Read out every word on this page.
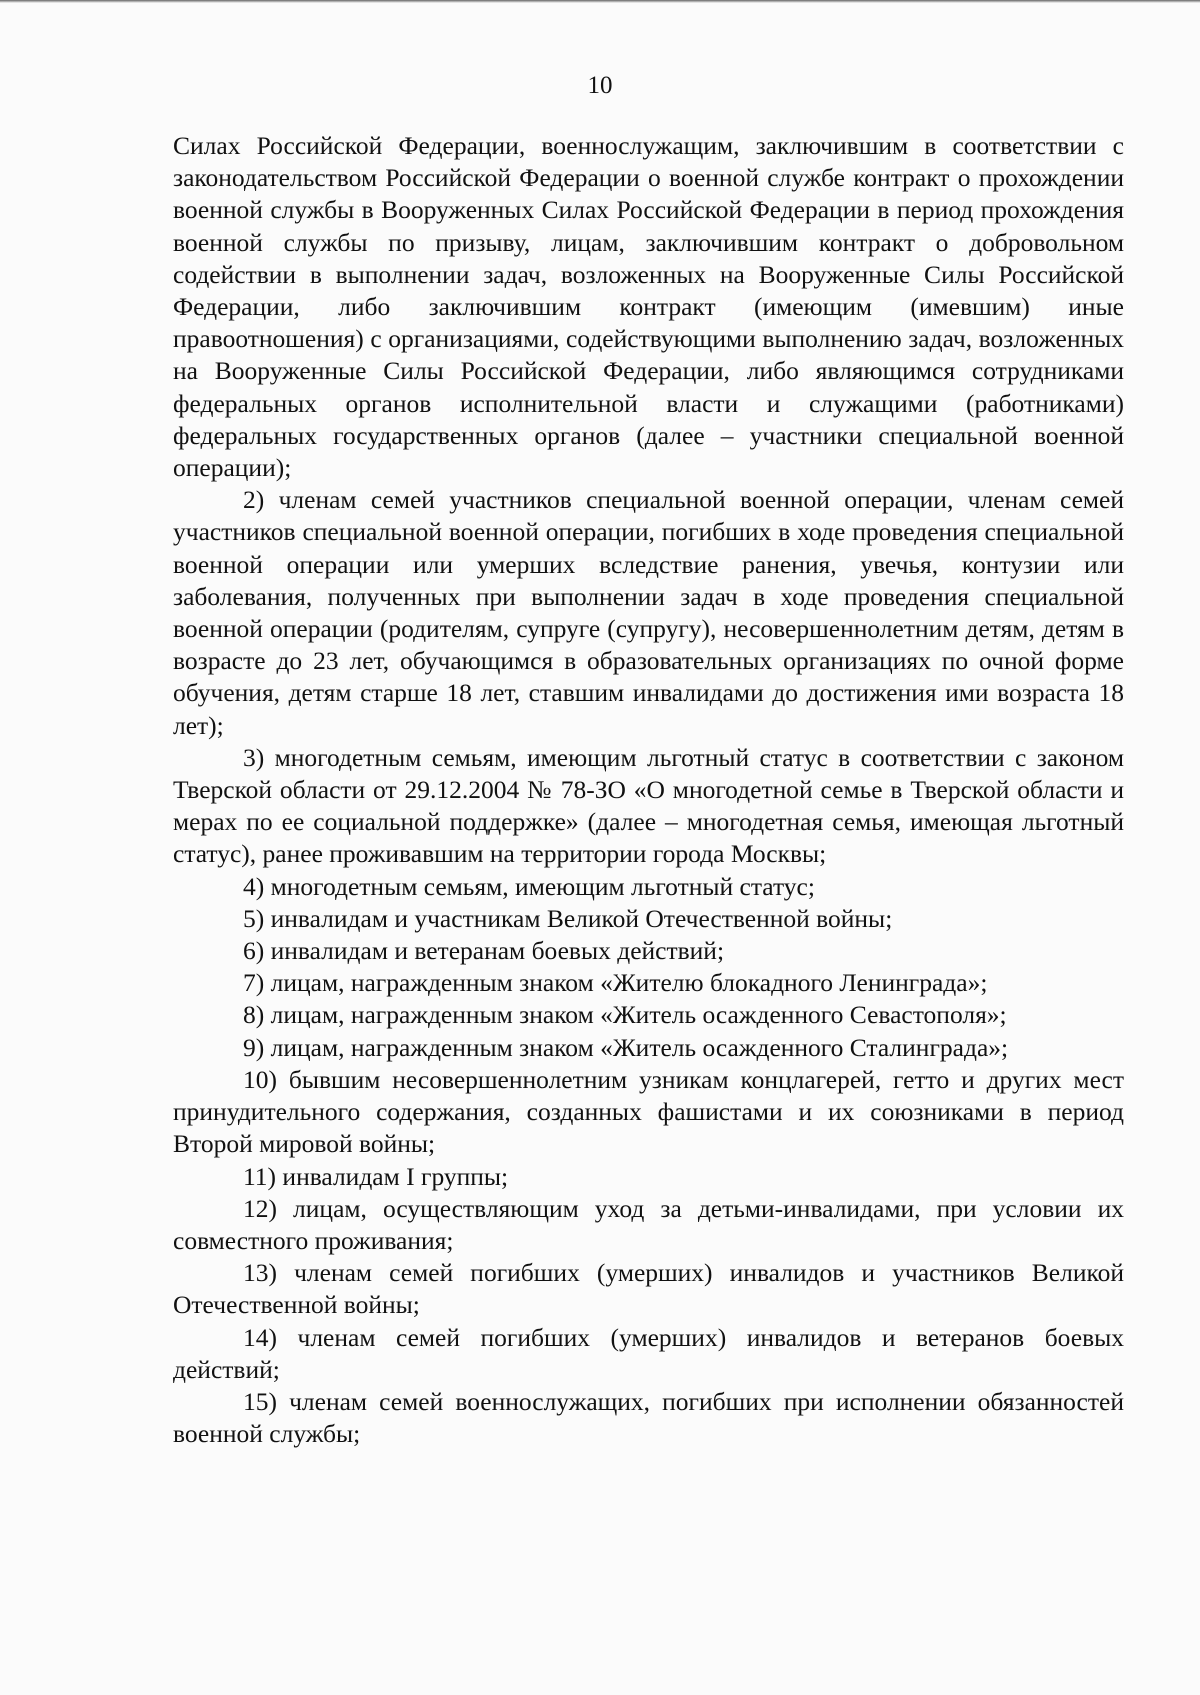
10

Силах Российской Федерации, военнослужащим, заключившим в соответствии с законодательством Российской Федерации о военной службе контракт о прохождении военной службы в Вооруженных Силах Российской Федерации в период прохождения военной службы по призыву, лицам, заключившим контракт о добровольном содействии в выполнении задач, возложенных на Вооруженные Силы Российской Федерации, либо заключившим контракт (имеющим (имевшим) иные правоотношения) с организациями, содействующими выполнению задач, возложенных на Вооруженные Силы Российской Федерации, либо являющимся сотрудниками федеральных органов исполнительной власти и служащими (работниками) федеральных государственных органов (далее – участники специальной военной операции);

2) членам семей участников специальной военной операции, членам семей участников специальной военной операции, погибших в ходе проведения специальной военной операции или умерших вследствие ранения, увечья, контузии или заболевания, полученных при выполнении задач в ходе проведения специальной военной операции (родителям, супруге (супругу), несовершеннолетним детям, детям в возрасте до 23 лет, обучающимся в образовательных организациях по очной форме обучения, детям старше 18 лет, ставшим инвалидами до достижения ими возраста 18 лет);

3) многодетным семьям, имеющим льготный статус в соответствии с законом Тверской области от 29.12.2004 № 78-ЗО «О многодетной семье в Тверской области и мерах по ее социальной поддержке» (далее – многодетная семья, имеющая льготный статус), ранее проживавшим на территории города Москвы;

4) многодетным семьям, имеющим льготный статус;

5) инвалидам и участникам Великой Отечественной войны;

6) инвалидам и ветеранам боевых действий;

7) лицам, награжденным знаком «Жителю блокадного Ленинграда»;

8) лицам, награжденным знаком «Житель осажденного Севастополя»;

9) лицам, награжденным знаком «Житель осажденного Сталинграда»;

10) бывшим несовершеннолетним узникам концлагерей, гетто и других мест принудительного содержания, созданных фашистами и их союзниками в период Второй мировой войны;

11) инвалидам I группы;

12) лицам, осуществляющим уход за детьми-инвалидами, при условии их совместного проживания;

13) членам семей погибших (умерших) инвалидов и участников Великой Отечественной войны;

14) членам семей погибших (умерших) инвалидов и ветеранов боевых действий;

15) членам семей военнослужащих, погибших при исполнении обязанностей военной службы;
